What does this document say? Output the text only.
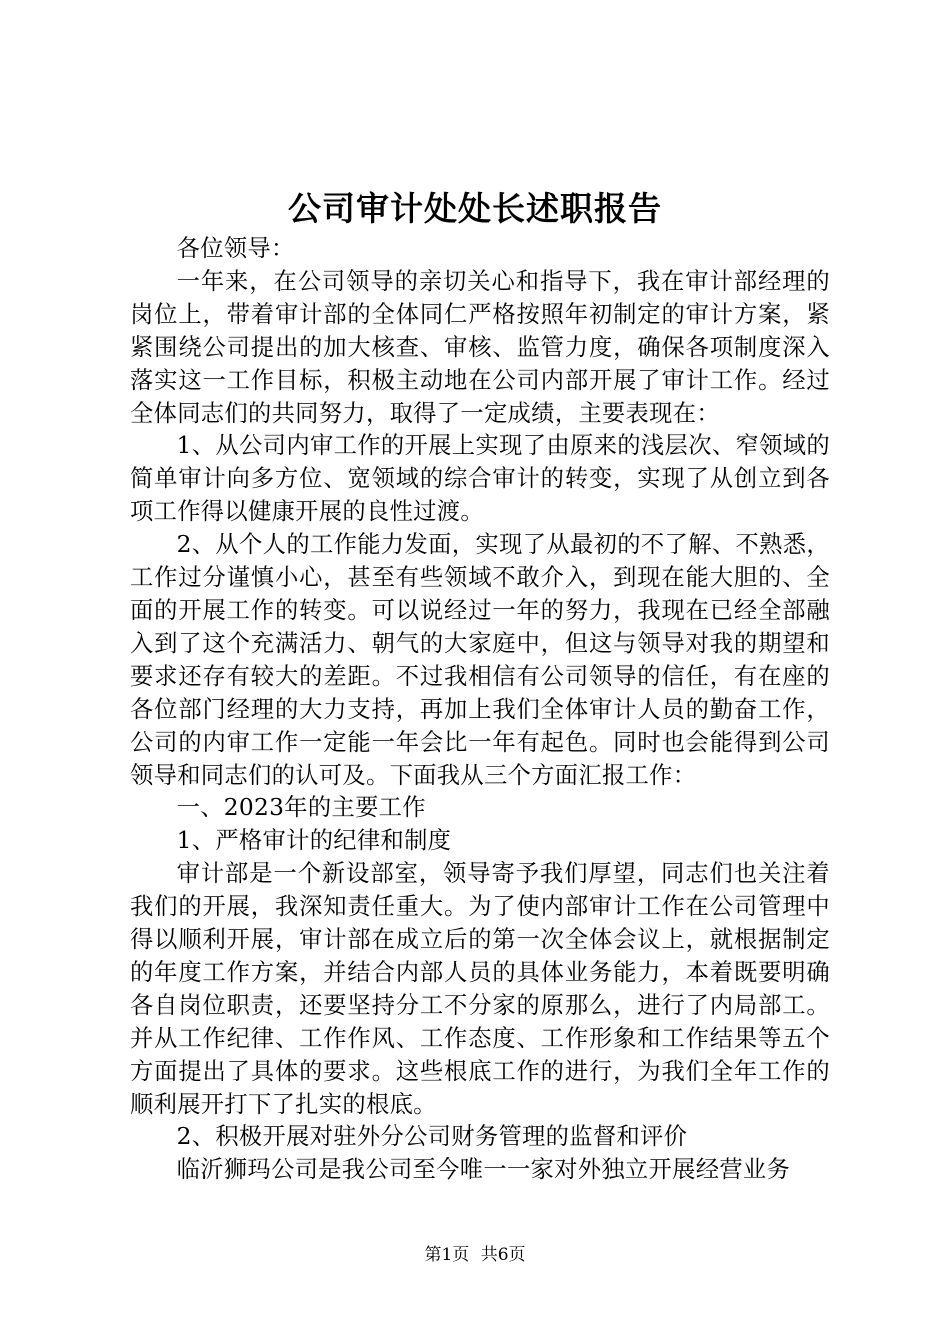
公司审计处处长述职报告

各位领导：

一年来，在公司领导的亲切关心和指导下，我在审计部经理的岗位上，带着审计部的全体同仁严格按照年初制定的审计方案，紧紧围绕公司提出的加大核查、审核、监管力度，确保各项制度深入落实这一工作目标，积极主动地在公司内部开展了审计工作。经过全体同志们的共同努力，取得了一定成绩，主要表现在：

1、从公司内审工作的开展上实现了由原来的浅层次、窄领域的简单审计向多方位、宽领域的综合审计的转变，实现了从创立到各项工作得以健康开展的良性过渡。

2、从个人的工作能力发面，实现了从最初的不了解、不熟悉，工作过分谨慎小心，甚至有些领域不敢介入，到现在能大胆的、全面的开展工作的转变。可以说经过一年的努力，我现在已经全部融入到了这个充满活力、朝气的大家庭中，但这与领导对我的期望和要求还存有较大的差距。不过我相信有公司领导的信任，有在座的各位部门经理的大力支持，再加上我们全体审计人员的勤奋工作，公司的内审工作一定能一年会比一年有起色。同时也会能得到公司领导和同志们的认可及。下面我从三个方面汇报工作：

一、2023年的主要工作

1、严格审计的纪律和制度

审计部是一个新设部室，领导寄予我们厚望，同志们也关注着我们的开展，我深知责任重大。为了使内部审计工作在公司管理中得以顺利开展，审计部在成立后的第一次全体会议上，就根据制定的年度工作方案，并结合内部人员的具体业务能力，本着既要明确各自岗位职责，还要坚持分工不分家的原那么，进行了内局部工。并从工作纪律、工作作风、工作态度、工作形象和工作结果等五个方面提出了具体的要求。这些根底工作的进行，为我们全年工作的顺利展开打下了扎实的根底。

2、积极开展对驻外分公司财务管理的监督和评价

临沂狮玛公司是我公司至今唯一一家对外独立开展经营业务

第1页 共6页
